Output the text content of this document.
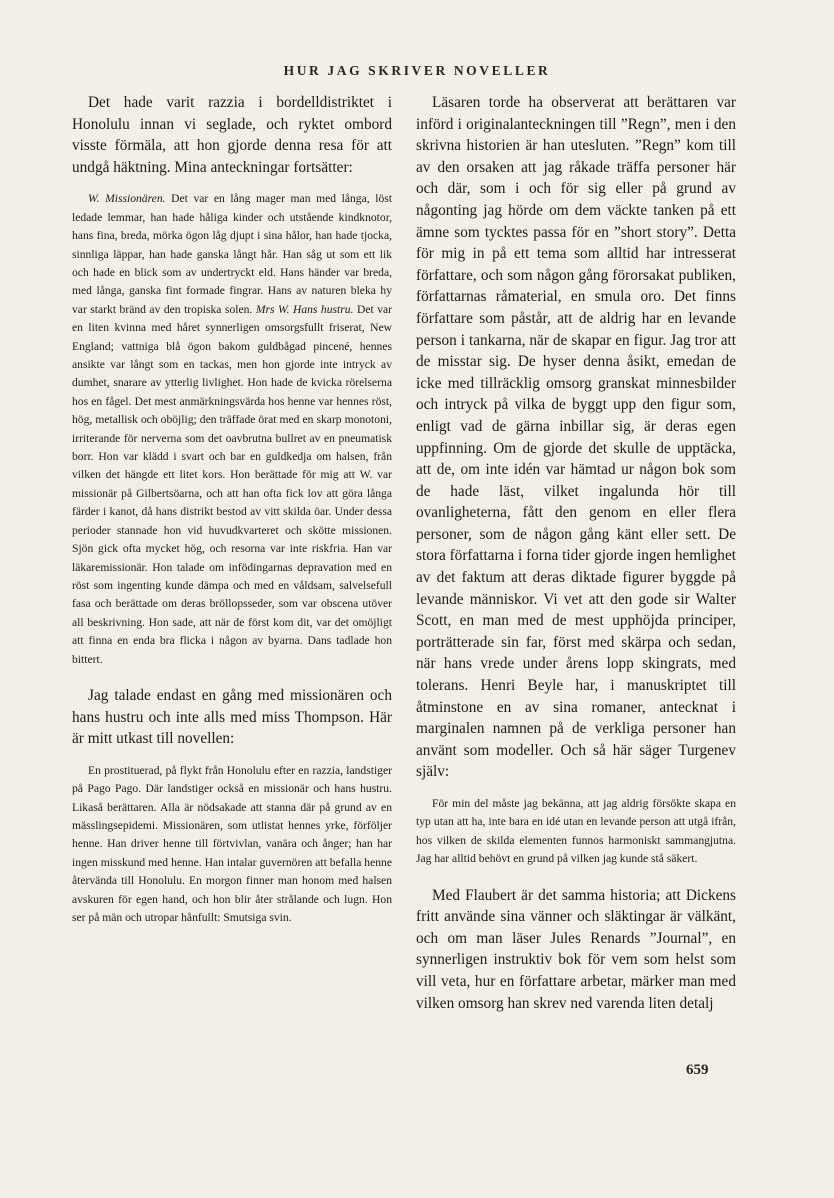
HUR JAG SKRIVER NOVELLER

Det hade varit razzia i bordelldistriktet i Honolulu innan vi seglade, och ryktet ombord visste förmäla, att hon gjorde denna resa för att undgå häktning. Mina anteckningar fortsätter:

W. Missionären. Det var en lång mager man med långa, löst ledade lemmar, han hade håliga kinder och utstående kindknotor, hans fina, breda, mörka ögon låg djupt i sina hålor, han hade tjocka, sinnliga läppar, han hade ganska långt hår. Han såg ut som ett lik och hade en blick som av undertryckt eld. Hans händer var breda, med långa, ganska fint formade fingrar. Hans av naturen bleka hy var starkt bränd av den tropiska solen. Mrs W. Hans hustru. Det var en liten kvinna med håret synnerligen omsorgsfullt friserat, New England; vattniga blå ögon bakom guldbågad pincené, hennes ansikte var långt som en tackas, men hon gjorde inte intryck av dumhet, snarare av ytterlig livlighet. Hon hade de kvicka rörelserna hos en fågel. Det mest anmärkningsvärda hos henne var hennes röst, hög, metallisk och oböjlig; den träffade örat med en skarp monotoni, irriterande för nerverna som det oavbrutna bullret av en pneumatisk borr. Hon var klädd i svart och bar en guldkedja om halsen, från vilken det hängde ett litet kors. Hon berättade för mig att W. var missionär på Gilbertsöarna, och att han ofta fick lov att göra långa färder i kanot, då hans distrikt bestod av vitt skilda öar. Under dessa perioder stannade hon vid huvudkvarteret och skötte missionen. Sjön gick ofta mycket hög, och resorna var inte riskfria. Han var läkaremissionär. Hon talade om infödingarnas depravation med en röst som ingenting kunde dämpa och med en våldsam, salvelsefull fasa och berättade om deras bröllopsseder, som var obscena utöver all beskrivning. Hon sade, att när de först kom dit, var det omöjligt att finna en enda bra flicka i någon av byarna. Dans tadlade hon bittert.

Jag talade endast en gång med missionären och hans hustru och inte alls med miss Thompson. Här är mitt utkast till novellen:

En prostituerad, på flykt från Honolulu efter en razzia, landstiger på Pago Pago. Där landstiger också en missionär och hans hustru. Likaså berättaren. Alla är nödsakade att stanna där på grund av en mässlingsepidemi. Missionären, som utlistat hennes yrke, förföljer henne. Han driver henne till förtvivlan, vanära och ånger; han har ingen misskund med henne. Han intalar guvernören att befalla henne återvända till Honolulu. En morgon finner man honom med halsen avskuren för egen hand, och hon blir åter strålande och lugn. Hon ser på män och utropar hånfullt: Smutsiga svin.

Läsaren torde ha observerat att berättaren var införd i originalanteckningen till ”Regn”, men i den skrivna historien är han utesluten. ”Regn” kom till av den orsaken att jag råkade träffa personer här och där, som i och för sig eller på grund av någonting jag hörde om dem väckte tanken på ett ämne som tycktes passa för en ”short story”. Detta för mig in på ett tema som alltid har intresserat författare, och som någon gång förorsakat publiken, författarnas råmaterial, en smula oro. Det finns författare som påstår, att de aldrig har en levande person i tankarna, när de skapar en figur. Jag tror att de misstar sig. De hyser denna åsikt, emedan de icke med tillräcklig omsorg granskat minnesbilder och intryck på vilka de byggt upp den figur som, enligt vad de gärna inbillar sig, är deras egen uppfinning. Om de gjorde det skulle de upptäcka, att de, om inte idén var hämtad ur någon bok som de hade läst, vilket ingalunda hör till ovanligheterna, fått den genom en eller flera personer, som de någon gång känt eller sett. De stora författarna i forna tider gjorde ingen hemlighet av det faktum att deras diktade figurer byggde på levande människor. Vi vet att den gode sir Walter Scott, en man med de mest upphöjda principer, porträtterade sin far, först med skärpa och sedan, när hans vrede under årens lopp skingrats, med tolerans. Henri Beyle har, i manuskriptet till åtminstone en av sina romaner, antecknat i marginalen namnen på de verkliga personer han använt som modeller. Och så här säger Turgenev själv:

För min del måste jag bekänna, att jag aldrig försökte skapa en typ utan att ha, inte bara en idé utan en levande person att utgå ifrån, hos vilken de skilda elementen funnos harmoniskt sammangjutna. Jag har alltid behövt en grund på vilken jag kunde stå säkert.

Med Flaubert är det samma historia; att Dickens fritt använde sina vänner och släktingar är välkänt, och om man läser Jules Renards ”Journal”, en synnerligen instruktiv bok för vem som helst som vill veta, hur en författare arbetar, märker man med vilken omsorg han skrev ned varenda liten detalj

659
